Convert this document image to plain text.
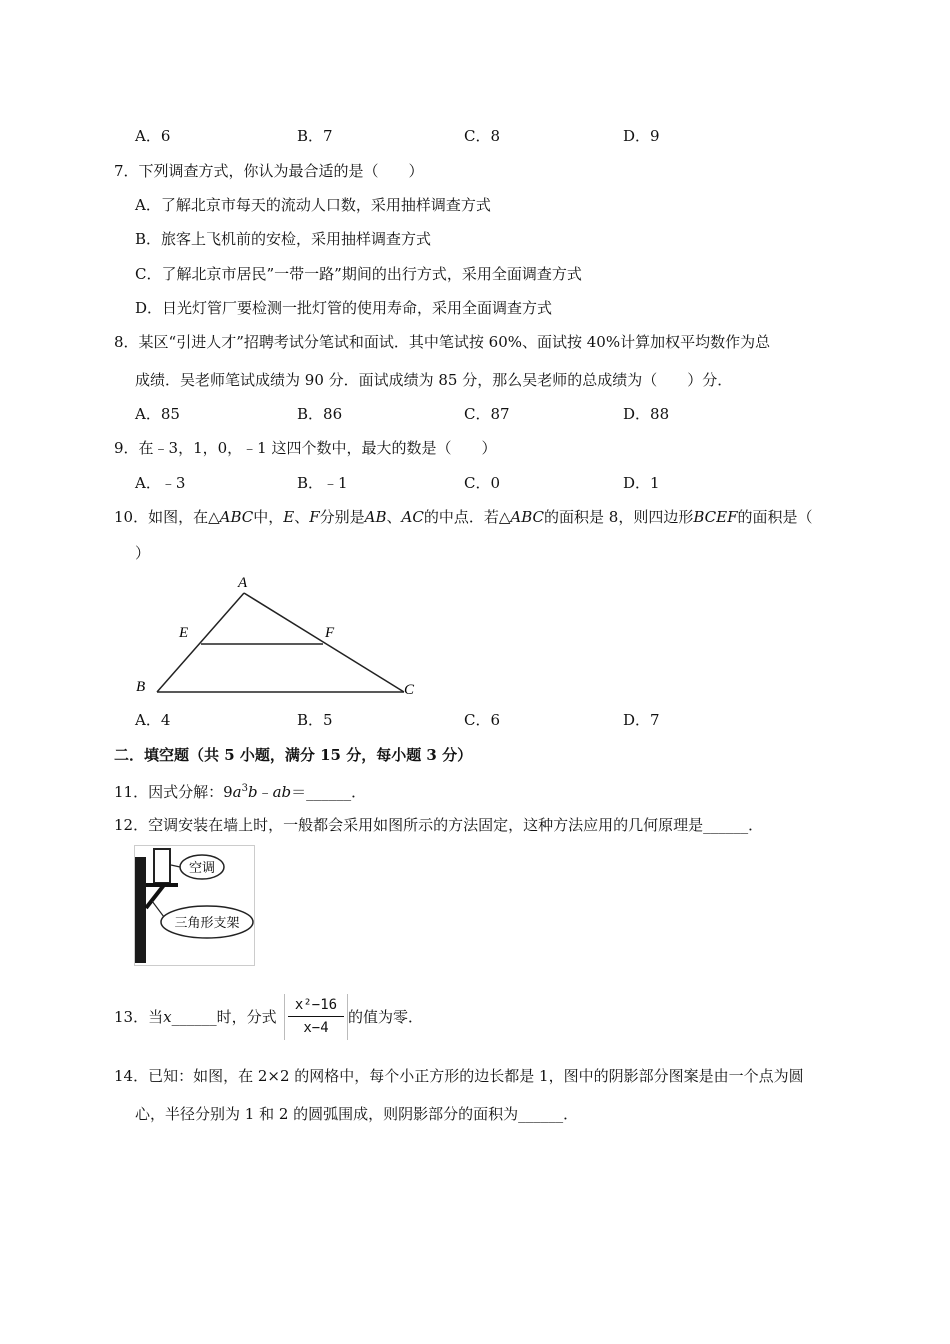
A．6	B．7	C．8	D．9
7．下列调查方式，你认为最合适的是（　　）
A．了解北京市每天的流动人口数，采用抽样调查方式
B．旅客上飞机前的安检，采用抽样调查方式
C．了解北京市居民”一带一路”期间的出行方式，采用全面调查方式
D．日光灯管厂要检测一批灯管的使用寿命，采用全面调查方式
8．某区“引进人才”招聘考试分笔试和面试．其中笔试按 60%、面试按 40%计算加权平均数作为总
成绩．吴老师笔试成绩为 90 分．面试成绩为 85 分，那么吴老师的总成绩为（　　）分．
A．85	B．86	C．87	D．88
9．在﹣3，1，0，﹣1 这四个数中，最大的数是（　　）
A．﹣3	B．﹣1	C．0	D．1
10．如图，在△ABC中，E、F分别是AB、AC的中点．若△ABC的面积是 8，则四边形BCEF的面积是（
）
A
B	C
E	F
A．4	B．5	C．6	D．7
二．填空题（共 5 小题，满分 15 分，每小题 3 分）
11．因式分解：$9a^3b﹣ab=\_\_\_\_\_\_$．
12．空调安装在墙上时，一般都会采用如图所示的方法固定，这种方法应用的几何原理是______．
空调
三角形支架
13．当x______时，分式
x²−16
x−4
的值为零．
14．已知：如图，在 2×2 的网格中，每个小正方形的边长都是 1，图中的阴影部分图案是由一个点为圆
心，半径分别为 1 和 2 的圆弧围成，则阴影部分的面积为______．
